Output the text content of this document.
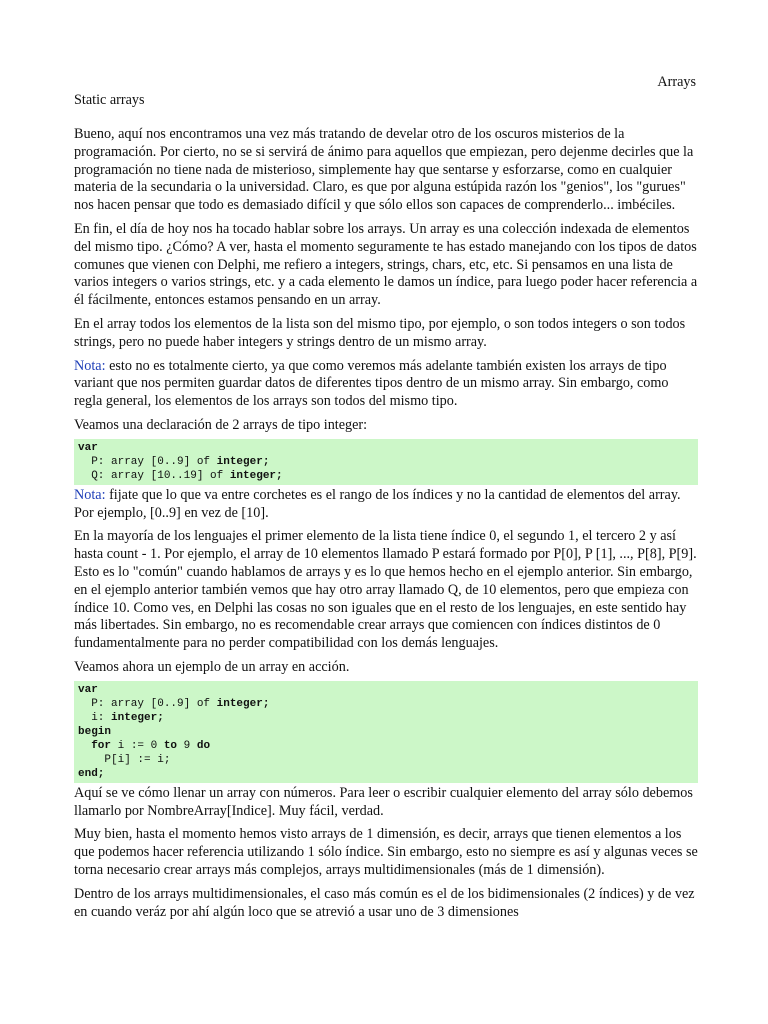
Arrays
Static arrays

Bueno, aquí nos encontramos una vez más tratando de develar otro de los oscuros misterios de la programación. Por cierto, no se si servirá de ánimo para aquellos que empiezan, pero dejenme decirles que la programación no tiene nada de misterioso, simplemente hay que sentarse y esforzarse, como en cualquier materia de la secundaria o la universidad. Claro, es que por alguna estúpida razón los "genios", los "gurues" nos hacen pensar que todo es demasiado difícil y que sólo ellos son capaces de comprenderlo... imbéciles.

En fin, el día de hoy nos ha tocado hablar sobre los arrays. Un array es una colección indexada de elementos del mismo tipo. ¿Cómo? A ver, hasta el momento seguramente te has estado manejando con los tipos de datos comunes que vienen con Delphi, me refiero a integers, strings, chars, etc, etc. Si pensamos en una lista de varios integers o varios strings, etc. y a cada elemento le damos un índice, para luego poder hacer referencia a él fácilmente, entonces estamos pensando en un array.

En el array todos los elementos de la lista son del mismo tipo, por ejemplo, o son todos integers o son todos strings, pero no puede haber integers y strings dentro de un mismo array.

Nota: esto no es totalmente cierto, ya que como veremos más adelante también existen los arrays de tipo variant que nos permiten guardar datos de diferentes tipos dentro de un mismo array. Sin embargo, como regla general, los elementos de los arrays son todos del mismo tipo.

Veamos una declaración de 2 arrays de tipo integer:

var
P: array [0..9] of integer;
Q: array [10..19] of integer;

Nota: fijate que lo que va entre corchetes es el rango de los índices y no la cantidad de elementos del array. Por ejemplo, [0..9] en vez de [10].

En la mayoría de los lenguajes el primer elemento de la lista tiene índice 0, el segundo 1, el tercero 2 y así hasta count - 1. Por ejemplo, el array de 10 elementos llamado P estará formado por P[0], P [1], ..., P[8], P[9]. Esto es lo "común" cuando hablamos de arrays y es lo que hemos hecho en el ejemplo anterior. Sin embargo, en el ejemplo anterior también vemos que hay otro array llamado Q, de 10 elementos, pero que empieza con índice 10. Como ves, en Delphi las cosas no son iguales que en el resto de los lenguajes, en este sentido hay más libertades. Sin embargo, no es recomendable crear arrays que comiencen con índices distintos de 0 fundamentalmente para no perder compatibilidad con los demás lenguajes.

Veamos ahora un ejemplo de un array en acción.

var
P: array [0..9] of integer;
i: integer;
begin
for i := 0 to 9 do
P[i] := i;
end;

Aquí se ve cómo llenar un array con números. Para leer o escribir cualquier elemento del array sólo debemos llamarlo por NombreArray[Indice]. Muy fácil, verdad.

Muy bien, hasta el momento hemos visto arrays de 1 dimensión, es decir, arrays que tienen elementos a los que podemos hacer referencia utilizando 1 sólo índice. Sin embargo, esto no siempre es así y algunas veces se torna necesario crear arrays más complejos, arrays multidimensionales (más de 1 dimensión).

Dentro de los arrays multidimensionales, el caso más común es el de los bidimensionales (2 índices) y de vez en cuando veráz por ahí algún loco que se atrevió a usar uno de 3 dimensiones
